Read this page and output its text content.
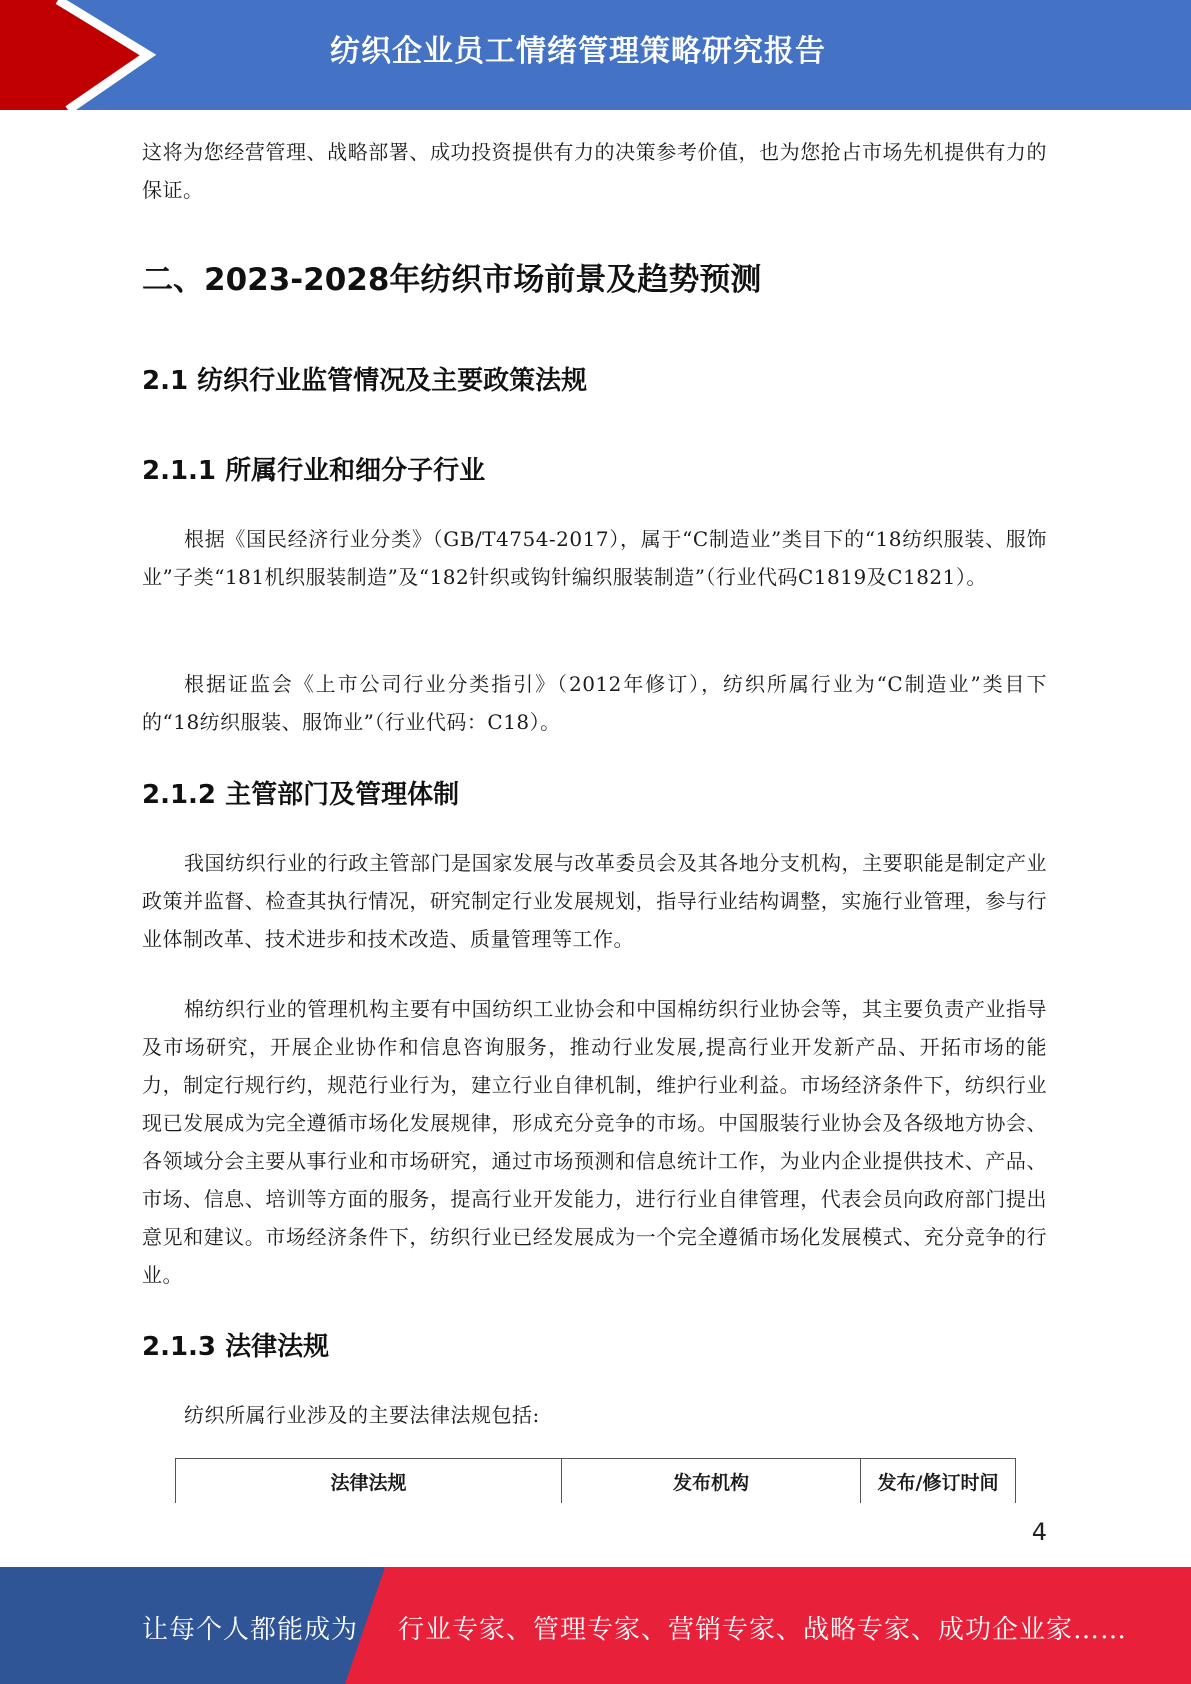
纺织企业员工情绪管理策略研究报告

这将为您经营管理、战略部署、成功投资提供有力的决策参考价值，也为您抢占市场先机提供有力的保证。

二、2023-2028年纺织市场前景及趋势预测
2.1 纺织行业监管情况及主要政策法规
2.1.1 所属行业和细分子行业

根据《国民经济行业分类》（GB/T4754-2017），属于“C制造业”类目下的“18纺织服装、服饰业”子类“181机织服装制造”及“182针织或钩针编织服装制造”（行业代码C1819及C1821）。

根据证监会《上市公司行业分类指引》（2012年修订），纺织所属行业为“C制造业”类目下的“18纺织服装、服饰业”（行业代码：C18）。

2.1.2 主管部门及管理体制

我国纺织行业的行政主管部门是国家发展与改革委员会及其各地分支机构，主要职能是制定产业政策并监督、检查其执行情况，研究制定行业发展规划，指导行业结构调整，实施行业管理，参与行业体制改革、技术进步和技术改造、质量管理等工作。

棉纺织行业的管理机构主要有中国纺织工业协会和中国棉纺织行业协会等，其主要负责产业指导及市场研究，开展企业协作和信息咨询服务，推动行业发展,提高行业开发新产品、开拓市场的能力，制定行规行约，规范行业行为，建立行业自律机制，维护行业利益。市场经济条件下，纺织行业现已发展成为完全遵循市场化发展规律，形成充分竞争的市场。中国服装行业协会及各级地方协会、各领域分会主要从事行业和市场研究，通过市场预测和信息统计工作，为业内企业提供技术、产品、市场、信息、培训等方面的服务，提高行业开发能力，进行行业自律管理，代表会员向政府部门提出意见和建议。市场经济条件下，纺织行业已经发展成为一个完全遵循市场化发展模式、充分竞争的行业。

2.1.3 法律法规

纺织所属行业涉及的主要法律法规包括:

法律法规	发布机构	发布/修订时间
4
让每个人都能成为 行业专家、管理专家、营销专家、战略专家、成功企业家……
